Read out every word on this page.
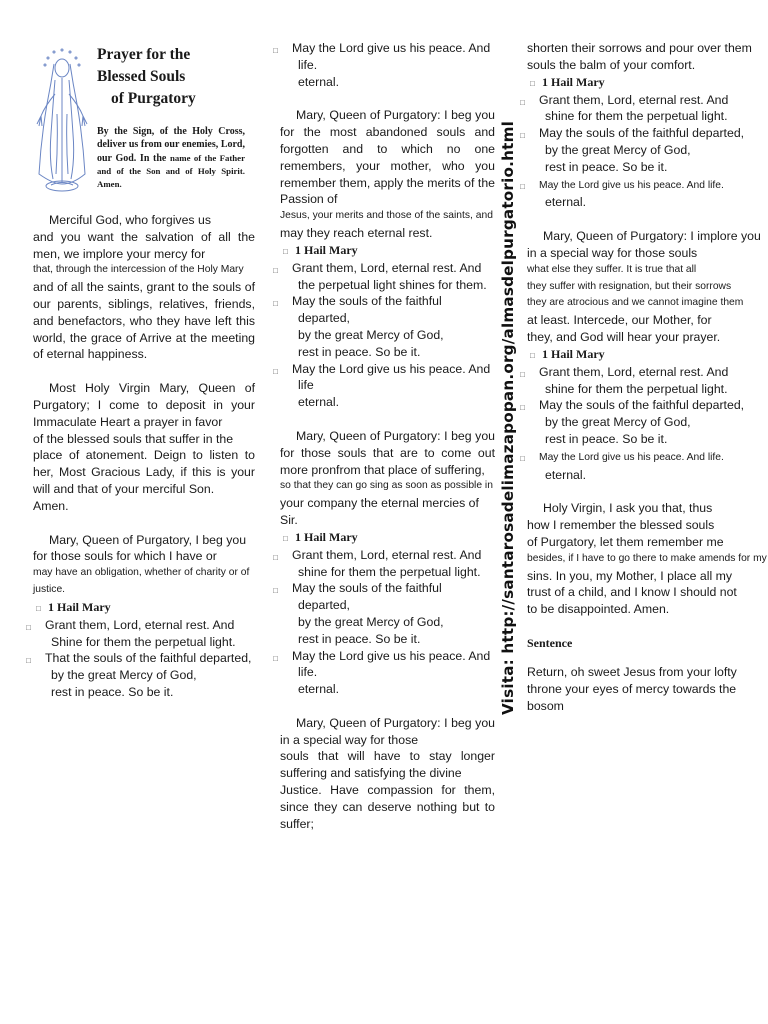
Prayer for the
Blessed Souls
of Purgatory
By the Sign, of the Holy Cross, deliver us from our enemies, Lord, our God. In the name of the Father and of the Son and of Holy Spirit. Amen.

Merciful God, who forgives us

and you want the salvation of all the men, we implore your mercy for

that, through the intercession of the Holy Mary

and of all the saints, grant to the souls of our parents, siblings, relatives, friends, and benefactors, who they have left this world, the grace of Arrive at the meeting of eternal happiness.

Most Holy Virgin Mary, Queen of Purgatory; I come to deposit in your Immaculate Heart a prayer in favor

of the blessed souls that suffer in the

place of atonement. Deign to listen to her, Most Gracious Lady, if this is your will and that of your merciful Son.

Amen.

Mary, Queen of Purgatory, I beg you

for those souls for which I have or

may have an obligation, whether of charity or of justice.

□ 1 Hail Mary

□ Grant them, Lord, eternal rest. And

Shine for them the perpetual light.

□ That the souls of the faithful departed,

by the great Mercy of God,

rest in peace. So be it.

□ May the Lord give us his peace. And life.

eternal.

Mary, Queen of Purgatory: I beg you for the most abandoned souls and forgotten and to which no one remembers, your mother, who you remember them, apply the merits of the Passion of

Jesus, your merits and those of the saints, and

may they reach eternal rest.

□ 1 Hail Mary

□ Grant them, Lord, eternal rest. And

the perpetual light shines for them.

□ May the souls of the faithful departed,

by the great Mercy of God,

rest in peace. So be it.

□ May the Lord give us his peace. And life

eternal.

Mary, Queen of Purgatory: I beg you for those souls that are to come out more pronfrom that place of suffering,

so that they can go sing as soon as possible in

your company the eternal mercies of

Sir.

□ 1 Hail Mary

□ Grant them, Lord, eternal rest. And

shine for them the perpetual light.

□ May the souls of the faithful departed,

by the great Mercy of God,

rest in peace. So be it.

□ May the Lord give us his peace. And life.

eternal.

Mary, Queen of Purgatory: I beg you in a special way for those

souls that will have to stay longer suffering and satisfying the divine

Justice. Have compassion for them, since they can deserve nothing but to suffer;

Visita: http://santarosadelimazapopan.org/almasdelpurgatorio.html

shorten their sorrows and pour over them

souls the balm of your comfort.

□ 1 Hail Mary

□ Grant them, Lord, eternal rest. And

shine for them the perpetual light.

□ May the souls of the faithful departed,

by the great Mercy of God,

rest in peace. So be it.

□ May the Lord give us his peace. And life.

eternal.

Mary, Queen of Purgatory: I implore you

in a special way for those souls

what else they suffer. It is true that all

they suffer with resignation, but their sorrows

they are atrocious and we cannot imagine them

at least. Intercede, our Mother, for

they, and God will hear your prayer.

□ 1 Hail Mary

□ Grant them, Lord, eternal rest. And

shine for them the perpetual light.

□ May the souls of the faithful departed,

by the great Mercy of God,

rest in peace. So be it.

□ May the Lord give us his peace. And life.

eternal.

Holy Virgin, I ask you that, thus

how I remember the blessed souls

of Purgatory, let them remember me

besides, if I have to go there to make amends for my

sins. In you, my Mother, I place all my

trust of a child, and I know I should not

to be disappointed. Amen.

Sentence

Return, oh sweet Jesus from your lofty

throne your eyes of mercy towards the bosom
